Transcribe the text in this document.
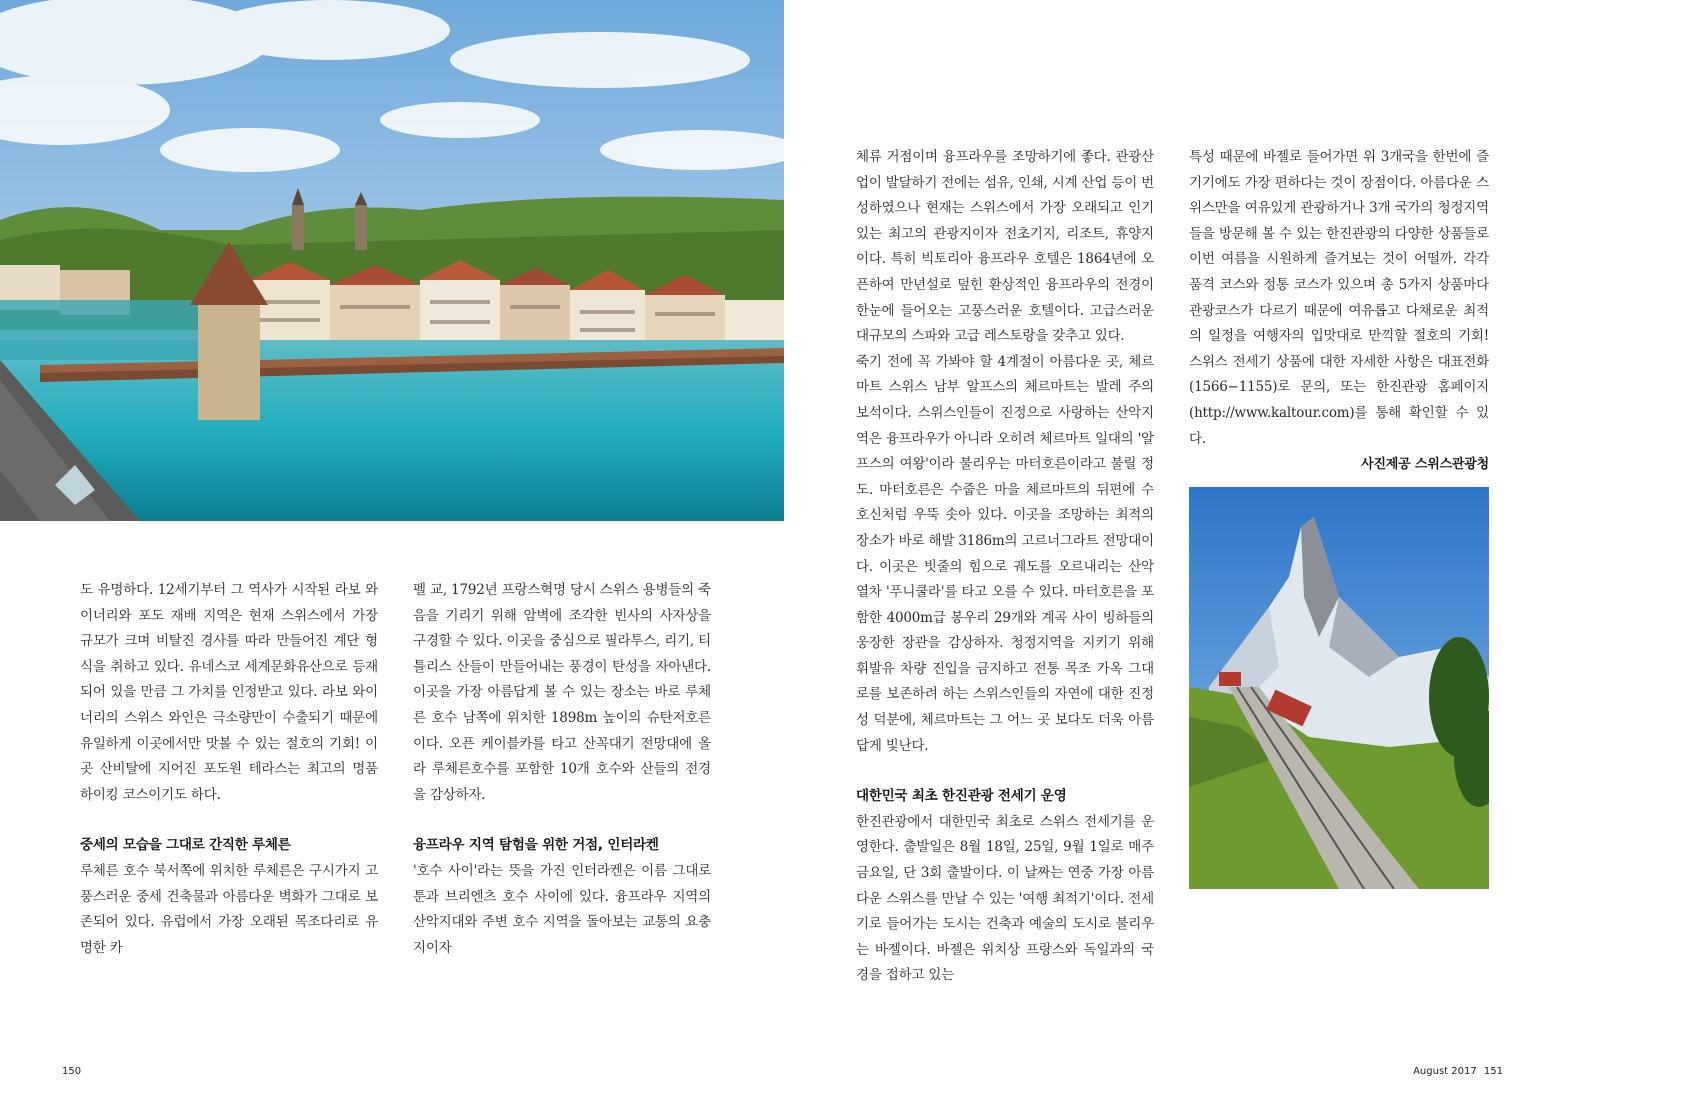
도 유명하다. 12세기부터 그 역사가 시작된 라보 와이너리와 포도 재배 지역은 현재 스위스에서 가장 규모가 크며 비탈진 경사를 따라 만들어진 계단 형식을 취하고 있다. 유네스코 세계문화유산으로 등재되어 있을 만큼 그 가치를 인정받고 있다. 라보 와이너리의 스위스 와인은 극소량만이 수출되기 때문에 유일하게 이곳에서만 맛볼 수 있는 절호의 기회! 이곳 산비탈에 지어진 포도원 테라스는 최고의 명품 하이킹 코스이기도 하다.

중세의 모습을 그대로 간직한 루체른

루체른 호수 북서쪽에 위치한 루체른은 구시가지 고풍스러운 중세 건축물과 아름다운 벽화가 그대로 보존되어 있다. 유럽에서 가장 오래된 목조다리로 유명한 카

펠 교, 1792년 프랑스혁명 당시 스위스 용병들의 죽음을 기리기 위해 암벽에 조각한 빈사의 사자상을 구경할 수 있다. 이곳을 중심으로 필라투스, 리기, 티틀리스 산들이 만들어내는 풍경이 탄성을 자아낸다. 이곳을 가장 아름답게 볼 수 있는 장소는 바로 루체른 호수 남쪽에 위치한 1898m 높이의 슈탄저호른이다. 오픈 케이블카를 타고 산꼭대기 전망대에 올라 루체른호수를 포함한 10개 호수와 산들의 전경을 감상하자.

융프라우 지역 탐험을 위한 거점, 인터라켄

'호수 사이'라는 뜻을 가진 인터라켄은 이름 그대로 툰과 브리엔츠 호수 사이에 있다. 융프라우 지역의 산악지대와 주변 호수 지역을 돌아보는 교통의 요충지이자

체류 거점이며 융프라우를 조망하기에 좋다. 관광산업이 발달하기 전에는 섬유, 인쇄, 시계 산업 등이 번성하였으나 현재는 스위스에서 가장 오래되고 인기있는 최고의 관광지이자 전초기지, 리조트, 휴양지이다. 특히 빅토리아 융프라우 호텔은 1864년에 오픈하여 만년설로 덮힌 환상적인 융프라우의 전경이 한눈에 들어오는 고풍스러운 호텔이다. 고급스러운 대규모의 스파와 고급 레스토랑을 갖추고 있다.

죽기 전에 꼭 가봐야 할 4계절이 아름다운 곳, 체르마트 스위스 남부 알프스의 체르마트는 발레 주의 보석이다. 스위스인들이 진정으로 사랑하는 산악지역은 융프라우가 아니라 오히려 체르마트 일대의 '알프스의 여왕'이라 불리우는 마터호른이라고 불릴 정도. 마터호른은 수줍은 마을 체르마트의 뒤편에 수호신처럼 우뚝 솟아 있다. 이곳을 조망하는 최적의 장소가 바로 해발 3186m의 고르너그라트 전망대이다. 이곳은 빗줄의 힘으로 궤도를 오르내리는 산악열차 '푸니쿨라'를 타고 오를 수 있다. 마터호른을 포함한 4000m급 봉우리 29개와 계곡 사이 빙하들의 웅장한 장관을 감상하자. 청정지역을 지키기 위해 휘발유 차량 진입을 금지하고 전통 목조 가옥 그대로를 보존하려 하는 스위스인들의 자연에 대한 진정성 덕분에, 체르마트는 그 어느 곳 보다도 더욱 아름답게 빛난다.

대한민국 최초 한진관광 전세기 운영

한진관광에서 대한민국 최초로 스위스 전세기를 운영한다. 출발일은 8월 18일, 25일, 9월 1일로 매주 금요일, 단 3회 출발이다. 이 날짜는 연중 가장 아름다운 스위스를 만날 수 있는 '여행 최적기'이다. 전세기로 들어가는 도시는 건축과 예술의 도시로 불리우는 바젤이다. 바젤은 위치상 프랑스와 독일과의 국경을 접하고 있는

특성 때문에 바젤로 들어가면 위 3개국을 한번에 즐기기에도 가장 편하다는 것이 장점이다. 아름다운 스위스만을 여유있게 관광하거나 3개 국가의 청정지역들을 방문해 볼 수 있는 한진관광의 다양한 상품들로 이번 여름을 시원하게 즐겨보는 것이 어떨까. 각각 품격 코스와 정통 코스가 있으며 총 5가지 상품마다 관광코스가 다르기 때문에 여유롭고 다채로운 최적의 일정을 여행자의 입맛대로 만끽할 절호의 기회! 스위스 전세기 상품에 대한 자세한 사항은 대표전화(1566−1155)로 문의, 또는 한진관광 홈페이지(http://www.kaltour.com)를 통해 확인할 수 있다.

사진제공 스위스관광청
150	August 2017 151
